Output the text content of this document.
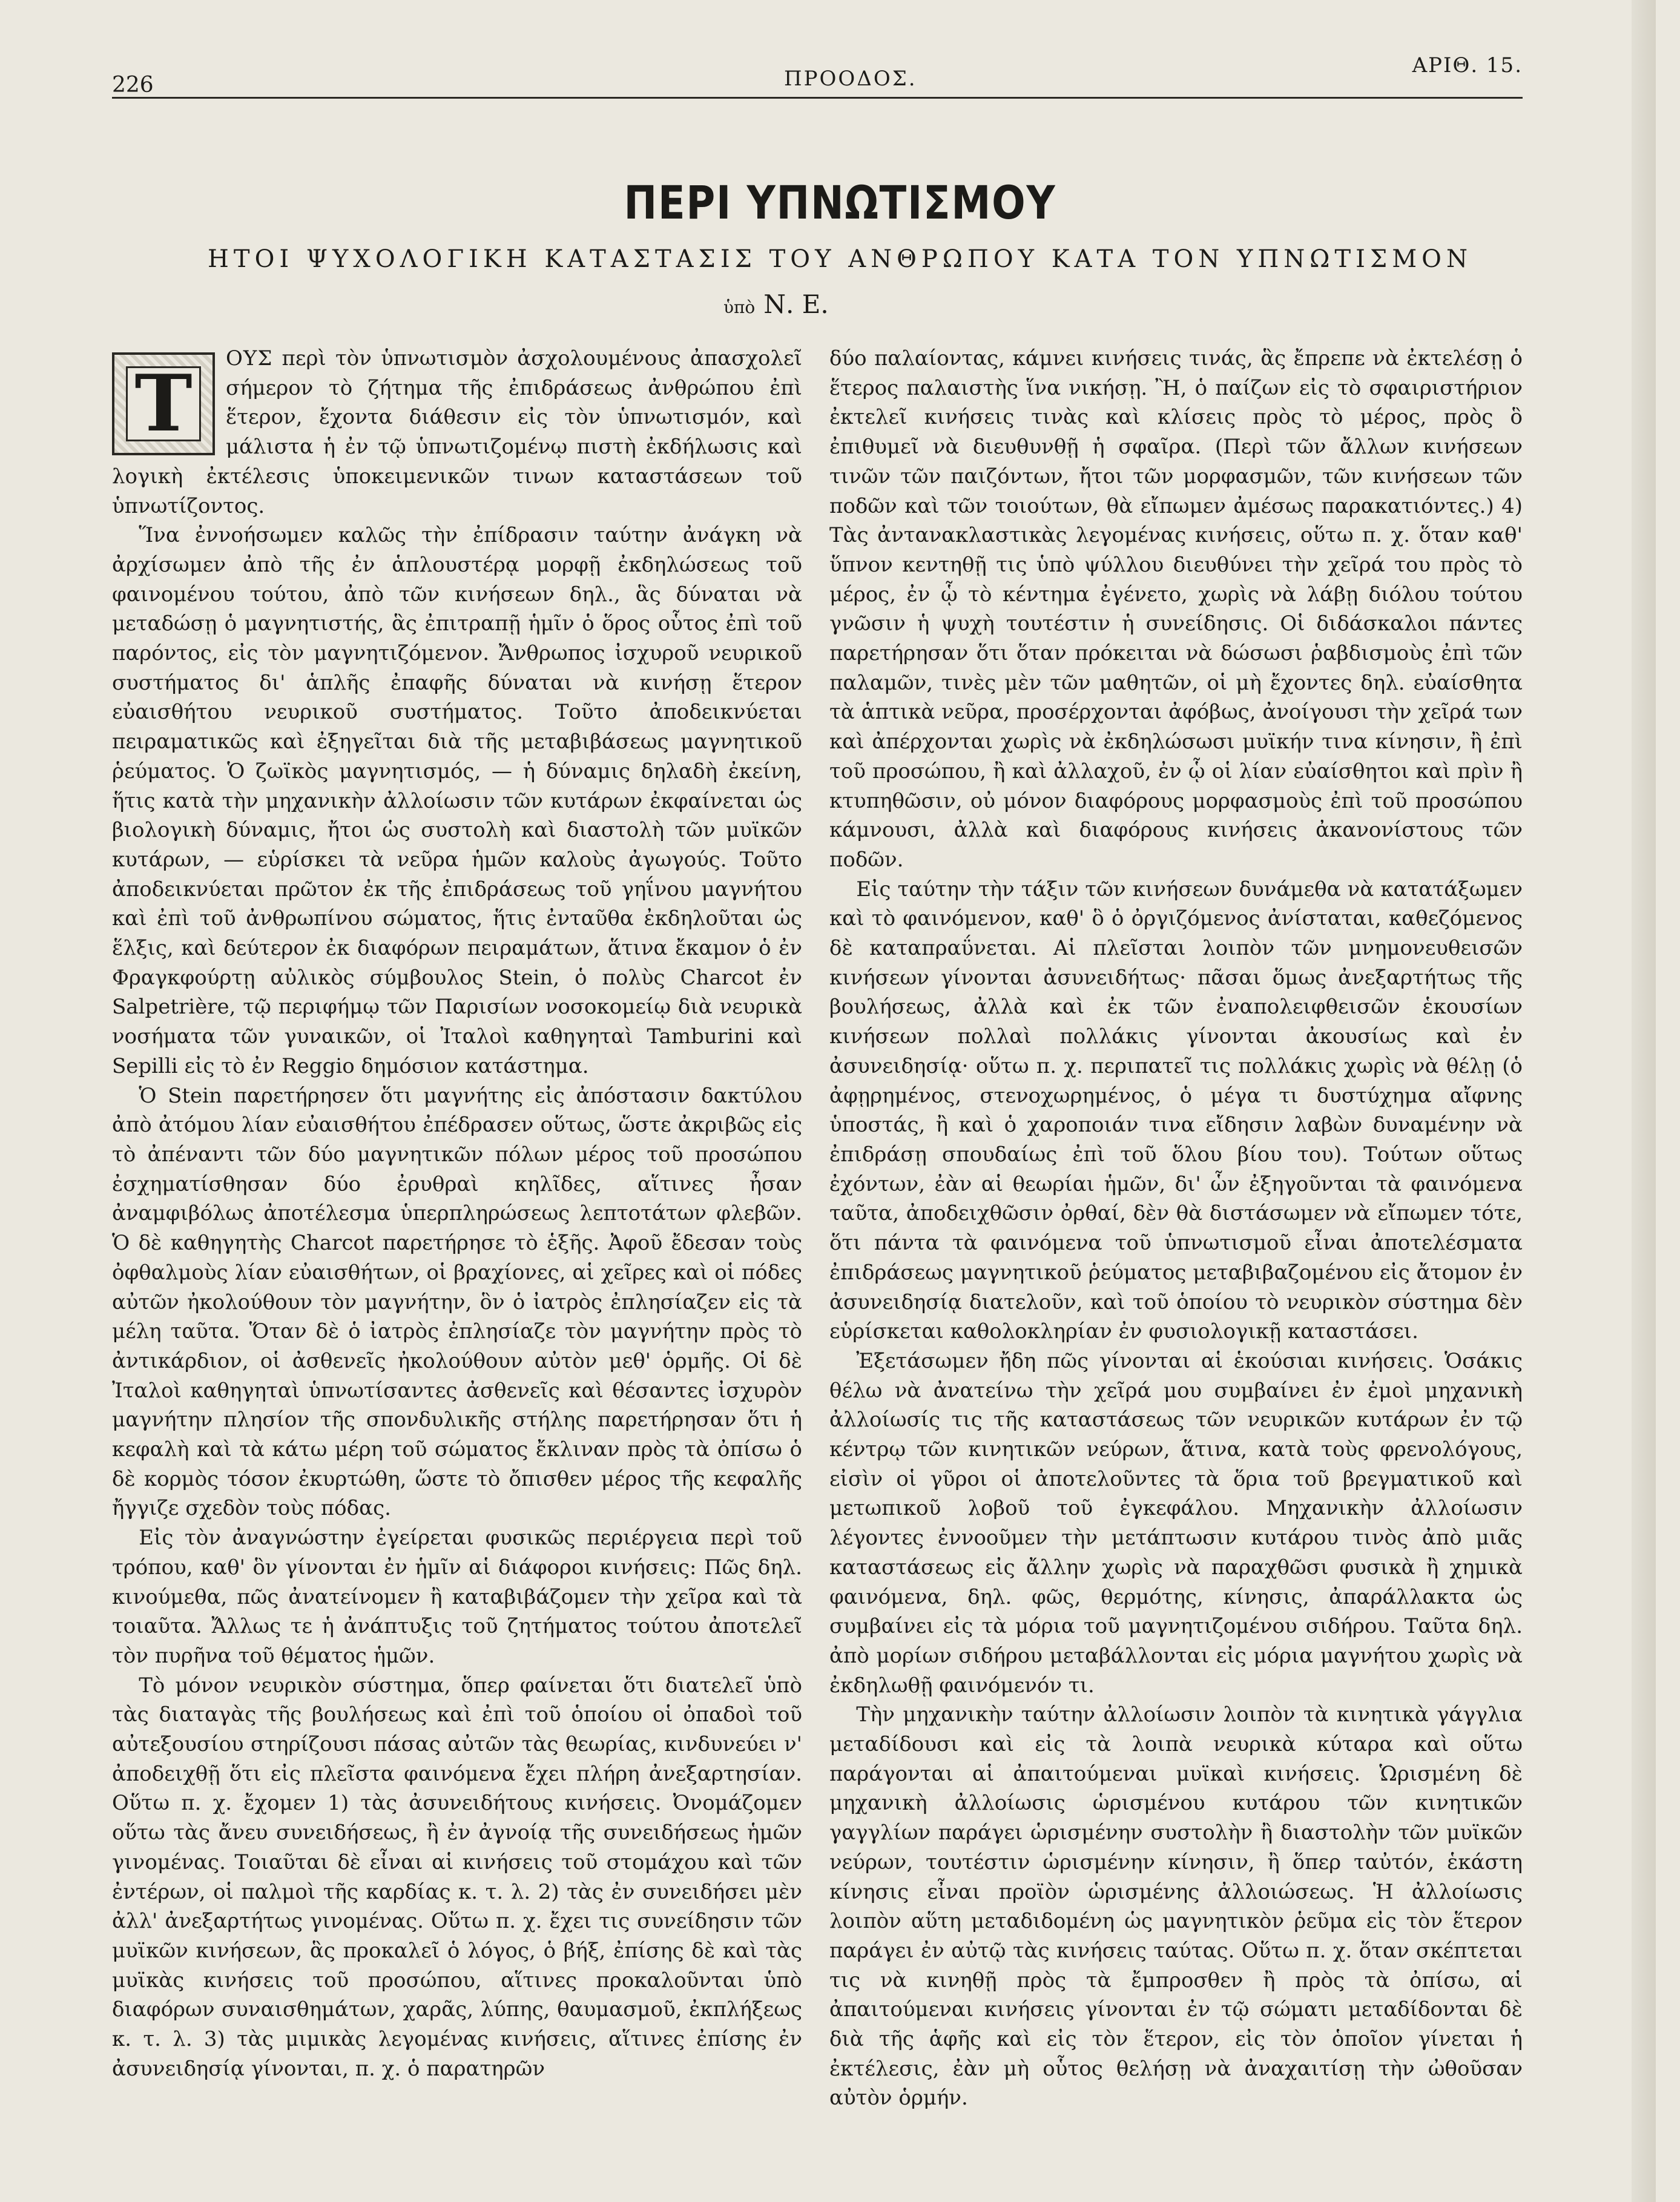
226	ΠΡΟΟΔΟΣ.
ΑΡΙΘ. 15.
ΠΕΡΙ ΥΠΝΩΤΙΣΜΟΥ
ΗΤΟΙ ΨΥΧΟΛΟΓΙΚΗ ΚΑΤΑΣΤΑΣΙΣ ΤΟΥ ΑΝΘΡΩΠΟΥ ΚΑΤΑ ΤΟΝ ΥΠΝΩΤΙΣΜΟΝ
ὑπὸ Ν. Ε.

Τ	ΟΥΣ περὶ τὸν ὑπνωτισμὸν ἀσχολουμένους ἀπασχολεῖ σήμερον τὸ ζήτημα τῆς ἐπιδράσεως ἀνθρώπου ἐπὶ ἕτερον, ἔχοντα διάθεσιν εἰς τὸν ὑπνωτισμόν, καὶ μάλιστα ἡ ἐν τῷ ὑπνωτιζομένῳ πιστὴ ἐκδήλωσις καὶ λογικὴ ἐκτέλεσις ὑποκειμενικῶν τινων καταστάσεων τοῦ ὑπνωτίζοντος.

Ἵνα ἐννοήσωμεν καλῶς τὴν ἐπίδρασιν ταύτην ἀνάγκη νὰ ἀρχίσωμεν ἀπὸ τῆς ἐν ἁπλουστέρᾳ μορφῇ ἐκδηλώσεως τοῦ φαινομένου τούτου, ἀπὸ τῶν κινήσεων δηλ., ἃς δύναται νὰ μεταδώσῃ ὁ μαγνητιστής, ἃς ἐπιτραπῇ ἡμῖν ὁ ὅρος οὗτος ἐπὶ τοῦ παρόντος, εἰς τὸν μαγνητιζόμενον. Ἄνθρωπος ἰσχυροῦ νευρικοῦ συστήματος δι' ἁπλῆς ἐπαφῆς δύναται νὰ κινήσῃ ἕτερον εὐαισθήτου νευρικοῦ συστήματος. Τοῦτο ἀποδεικνύεται πειραματικῶς καὶ ἐξηγεῖται διὰ τῆς μεταβιβάσεως μαγνητικοῦ ῥεύματος. Ὁ ζωϊκὸς μαγνητισμός, — ἡ δύναμις δηλαδὴ ἐκείνη, ἥτις κατὰ τὴν μηχανικὴν ἀλλοίωσιν τῶν κυτάρων ἐκφαίνεται ὡς βιολογικὴ δύναμις, ἤτοι ὡς συστολὴ καὶ διαστολὴ τῶν μυϊκῶν κυτάρων, — εὑρίσκει τὰ νεῦρα ἡμῶν καλοὺς ἀγωγούς. Τοῦτο ἀποδεικνύεται πρῶτον ἐκ τῆς ἐπιδράσεως τοῦ γηΐνου μαγνήτου καὶ ἐπὶ τοῦ ἀνθρωπίνου σώματος, ἥτις ἐνταῦθα ἐκδηλοῦται ὡς ἕλξις, καὶ δεύτερον ἐκ διαφόρων πειραμάτων, ἅτινα ἔκαμον ὁ ἐν Φραγκφούρτῃ αὐλικὸς σύμβουλος Stein, ὁ πολὺς Charcot ἐν Salpetrière, τῷ περιφήμῳ τῶν Παρισίων νοσοκομείῳ διὰ νευρικὰ νοσήματα τῶν γυναικῶν, οἱ Ἰταλοὶ καθηγηταὶ Tamburini καὶ Sepilli εἰς τὸ ἐν Reggio δημόσιον κατάστημα.

Ὁ Stein παρετήρησεν ὅτι μαγνήτης εἰς ἀπόστασιν δακτύλου ἀπὸ ἀτόμου λίαν εὐαισθήτου ἐπέδρασεν οὕτως, ὥστε ἀκριβῶς εἰς τὸ ἀπέναντι τῶν δύο μαγνητικῶν πόλων μέρος τοῦ προσώπου ἐσχηματίσθησαν δύο ἐρυθραὶ κηλῖδες, αἵτινες ἦσαν ἀναμφιβόλως ἀποτέλεσμα ὑπερπληρώσεως λεπτοτάτων φλεβῶν. Ὁ δὲ καθηγητὴς Charcot παρετήρησε τὸ ἑξῆς. Ἀφοῦ ἔδεσαν τοὺς ὀφθαλμοὺς λίαν εὐαισθήτων, οἱ βραχίονες, αἱ χεῖρες καὶ οἱ πόδες αὐτῶν ἠκολούθουν τὸν μαγνήτην, ὃν ὁ ἰατρὸς ἐπλησίαζεν εἰς τὰ μέλη ταῦτα. Ὅταν δὲ ὁ ἰατρὸς ἐπλησίαζε τὸν μαγνήτην πρὸς τὸ ἀντικάρδιον, οἱ ἀσθενεῖς ἠκολούθουν αὐτὸν μεθ' ὁρμῆς. Οἱ δὲ Ἰταλοὶ καθηγηταὶ ὑπνωτίσαντες ἀσθενεῖς καὶ θέσαντες ἰσχυρὸν μαγνήτην πλησίον τῆς σπονδυλικῆς στήλης παρετήρησαν ὅτι ἡ κεφαλὴ καὶ τὰ κάτω μέρη τοῦ σώματος ἔκλιναν πρὸς τὰ ὀπίσω ὁ δὲ κορμὸς τόσον ἐκυρτώθη, ὥστε τὸ ὄπισθεν μέρος τῆς κεφαλῆς ἤγγιζε σχεδὸν τοὺς πόδας.

Εἰς τὸν ἀναγνώστην ἐγείρεται φυσικῶς περιέργεια περὶ τοῦ τρόπου, καθ' ὃν γίνονται ἐν ἡμῖν αἱ διάφοροι κινήσεις: Πῶς δηλ. κινούμεθα, πῶς ἀνατείνομεν ἢ καταβιβάζομεν τὴν χεῖρα καὶ τὰ τοιαῦτα. Ἄλλως τε ἡ ἀνάπτυξις τοῦ ζητήματος τούτου ἀποτελεῖ τὸν πυρῆνα τοῦ θέματος ἡμῶν.

Τὸ μόνον νευρικὸν σύστημα, ὅπερ φαίνεται ὅτι διατελεῖ ὑπὸ τὰς διαταγὰς τῆς βουλήσεως καὶ ἐπὶ τοῦ ὁποίου οἱ ὀπαδοὶ τοῦ αὐτεξουσίου στηρίζουσι πάσας αὐτῶν τὰς θεωρίας, κινδυνεύει ν' ἀποδειχθῇ ὅτι εἰς πλεῖστα φαινόμενα ἔχει πλήρη ἀνεξαρτησίαν. Οὕτω π. χ. ἔχομεν 1) τὰς ἀσυνειδήτους κινήσεις. Ὀνομάζομεν οὕτω τὰς ἄνευ συνειδήσεως, ἢ ἐν ἀγνοίᾳ τῆς συνειδήσεως ἡμῶν γινομένας. Τοιαῦται δὲ εἶναι αἱ κινήσεις τοῦ στομάχου καὶ τῶν ἐντέρων, οἱ παλμοὶ τῆς καρδίας κ. τ. λ. 2) τὰς ἐν συνειδήσει μὲν ἀλλ' ἀνεξαρτήτως γινομένας. Οὕτω π. χ. ἔχει τις συνείδησιν τῶν μυϊκῶν κινήσεων, ἃς προκαλεῖ ὁ λόγος, ὁ βήξ, ἐπίσης δὲ καὶ τὰς μυϊκὰς κινήσεις τοῦ προσώπου, αἵτινες προκαλοῦνται ὑπὸ διαφόρων συναισθημάτων, χαρᾶς, λύπης, θαυμασμοῦ, ἐκπλήξεως κ. τ. λ. 3) τὰς μιμικὰς λεγομένας κινήσεις, αἵτινες ἐπίσης ἐν ἀσυνειδησίᾳ γίνονται, π. χ. ὁ παρατηρῶν

δύο παλαίοντας, κάμνει κινήσεις τινάς, ἃς ἔπρεπε νὰ ἐκτελέσῃ ὁ ἕτερος παλαιστὴς ἵνα νικήσῃ. Ἢ, ὁ παίζων εἰς τὸ σφαιριστήριον ἐκτελεῖ κινήσεις τινὰς καὶ κλίσεις πρὸς τὸ μέρος, πρὸς ὃ ἐπιθυμεῖ νὰ διευθυνθῇ ἡ σφαῖρα. (Περὶ τῶν ἄλλων κινήσεων τινῶν τῶν παιζόντων, ἤτοι τῶν μορφασμῶν, τῶν κινήσεων τῶν ποδῶν καὶ τῶν τοιούτων, θὰ εἴπωμεν ἀμέσως παρακατιόντες.) 4) Τὰς ἀντανακλαστικὰς λεγομένας κινήσεις, οὕτω π. χ. ὅταν καθ' ὕπνον κεντηθῇ τις ὑπὸ ψύλλου διευθύνει τὴν χεῖρά του πρὸς τὸ μέρος, ἐν ᾧ τὸ κέντημα ἐγένετο, χωρὶς νὰ λάβῃ διόλου τούτου γνῶσιν ἡ ψυχὴ τουτέστιν ἡ συνείδησις. Οἱ διδάσκαλοι πάντες παρετήρησαν ὅτι ὅταν πρόκειται νὰ δώσωσι ῥαβδισμοὺς ἐπὶ τῶν παλαμῶν, τινὲς μὲν τῶν μαθητῶν, οἱ μὴ ἔχοντες δηλ. εὐαίσθητα τὰ ἁπτικὰ νεῦρα, προσέρχονται ἀφόβως, ἀνοίγουσι τὴν χεῖρά των καὶ ἀπέρχονται χωρὶς νὰ ἐκδηλώσωσι μυϊκήν τινα κίνησιν, ἢ ἐπὶ τοῦ προσώπου, ἢ καὶ ἀλλαχοῦ, ἐν ᾧ οἱ λίαν εὐαίσθητοι καὶ πρὶν ἢ κτυπηθῶσιν, οὐ μόνον διαφόρους μορφασμοὺς ἐπὶ τοῦ προσώπου κάμνουσι, ἀλλὰ καὶ διαφόρους κινήσεις ἀκανονίστους τῶν ποδῶν.

Εἰς ταύτην τὴν τάξιν τῶν κινήσεων δυνάμεθα νὰ κατατάξωμεν καὶ τὸ φαινόμενον, καθ' ὃ ὁ ὀργιζόμενος ἀνίσταται, καθεζόμενος δὲ καταπραΰνεται. Αἱ πλεῖσται λοιπὸν τῶν μνημονευθεισῶν κινήσεων γίνονται ἀσυνειδήτως· πᾶσαι ὅμως ἀνεξαρτήτως τῆς βουλήσεως, ἀλλὰ καὶ ἐκ τῶν ἐναπολειφθεισῶν ἑκουσίων κινήσεων πολλαὶ πολλάκις γίνονται ἀκουσίως καὶ ἐν ἀσυνειδησίᾳ· οὕτω π. χ. περιπατεῖ τις πολλάκις χωρὶς νὰ θέλῃ (ὁ ἀφῃρημένος, στενοχωρημένος, ὁ μέγα τι δυστύχημα αἴφνης ὑποστάς, ἢ καὶ ὁ χαροποιάν τινα εἴδησιν λαβὼν δυναμένην νὰ ἐπιδράσῃ σπουδαίως ἐπὶ τοῦ ὅλου βίου του). Τούτων οὕτως ἐχόντων, ἐὰν αἱ θεωρίαι ἡμῶν, δι' ὧν ἐξηγοῦνται τὰ φαινόμενα ταῦτα, ἀποδειχθῶσιν ὀρθαί, δὲν θὰ διστάσωμεν νὰ εἴπωμεν τότε, ὅτι πάντα τὰ φαινόμενα τοῦ ὑπνωτισμοῦ εἶναι ἀποτελέσματα ἐπιδράσεως μαγνητικοῦ ῥεύματος μεταβιβαζομένου εἰς ἄτομον ἐν ἀσυνειδησίᾳ διατελοῦν, καὶ τοῦ ὁποίου τὸ νευρικὸν σύστημα δὲν εὑρίσκεται καθολοκληρίαν ἐν φυσιολογικῇ καταστάσει.

Ἐξετάσωμεν ἤδη πῶς γίνονται αἱ ἑκούσιαι κινήσεις. Ὁσάκις θέλω νὰ ἀνατείνω τὴν χεῖρά μου συμβαίνει ἐν ἐμοὶ μηχανικὴ ἀλλοίωσίς τις τῆς καταστάσεως τῶν νευρικῶν κυτάρων ἐν τῷ κέντρῳ τῶν κινητικῶν νεύρων, ἅτινα, κατὰ τοὺς φρενολόγους, εἰσὶν οἱ γῦροι οἱ ἀποτελοῦντες τὰ ὅρια τοῦ βρεγματικοῦ καὶ μετωπικοῦ λοβοῦ τοῦ ἐγκεφάλου. Μηχανικὴν ἀλλοίωσιν λέγοντες ἐννοοῦμεν τὴν μετάπτωσιν κυτάρου τινὸς ἀπὸ μιᾶς καταστάσεως εἰς ἄλλην χωρὶς νὰ παραχθῶσι φυσικὰ ἢ χημικὰ φαινόμενα, δηλ. φῶς, θερμότης, κίνησις, ἀπαράλλακτα ὡς συμβαίνει εἰς τὰ μόρια τοῦ μαγνητιζομένου σιδήρου. Ταῦτα δηλ. ἀπὸ μορίων σιδήρου μεταβάλλονται εἰς μόρια μαγνήτου χωρὶς νὰ ἐκδηλωθῇ φαινόμενόν τι.

Τὴν μηχανικὴν ταύτην ἀλλοίωσιν λοιπὸν τὰ κινητικὰ γάγγλια μεταδίδουσι καὶ εἰς τὰ λοιπὰ νευρικὰ κύταρα καὶ οὕτω παράγονται αἱ ἀπαιτούμεναι μυϊκαὶ κινήσεις. Ὡρισμένη δὲ μηχανικὴ ἀλλοίωσις ὡρισμένου κυτάρου τῶν κινητικῶν γαγγλίων παράγει ὡρισμένην συστολὴν ἢ διαστολὴν τῶν μυϊκῶν νεύρων, τουτέστιν ὡρισμένην κίνησιν, ἢ ὅπερ ταὐτόν, ἑκάστη κίνησις εἶναι προϊὸν ὡρισμένης ἀλλοιώσεως. Ἡ ἀλλοίωσις λοιπὸν αὕτη μεταδιδομένη ὡς μαγνητικὸν ῥεῦμα εἰς τὸν ἕτερον παράγει ἐν αὐτῷ τὰς κινήσεις ταύτας. Οὕτω π. χ. ὅταν σκέπτεται τις νὰ κινηθῇ πρὸς τὰ ἔμπροσθεν ἢ πρὸς τὰ ὀπίσω, αἱ ἀπαιτούμεναι κινήσεις γίνονται ἐν τῷ σώματι μεταδίδονται δὲ διὰ τῆς ἁφῆς καὶ εἰς τὸν ἕτερον, εἰς τὸν ὁποῖον γίνεται ἡ ἐκτέλεσις, ἐὰν μὴ οὗτος θελήσῃ νὰ ἀναχαιτίσῃ τὴν ὠθοῦσαν αὐτὸν ὁρμήν.
